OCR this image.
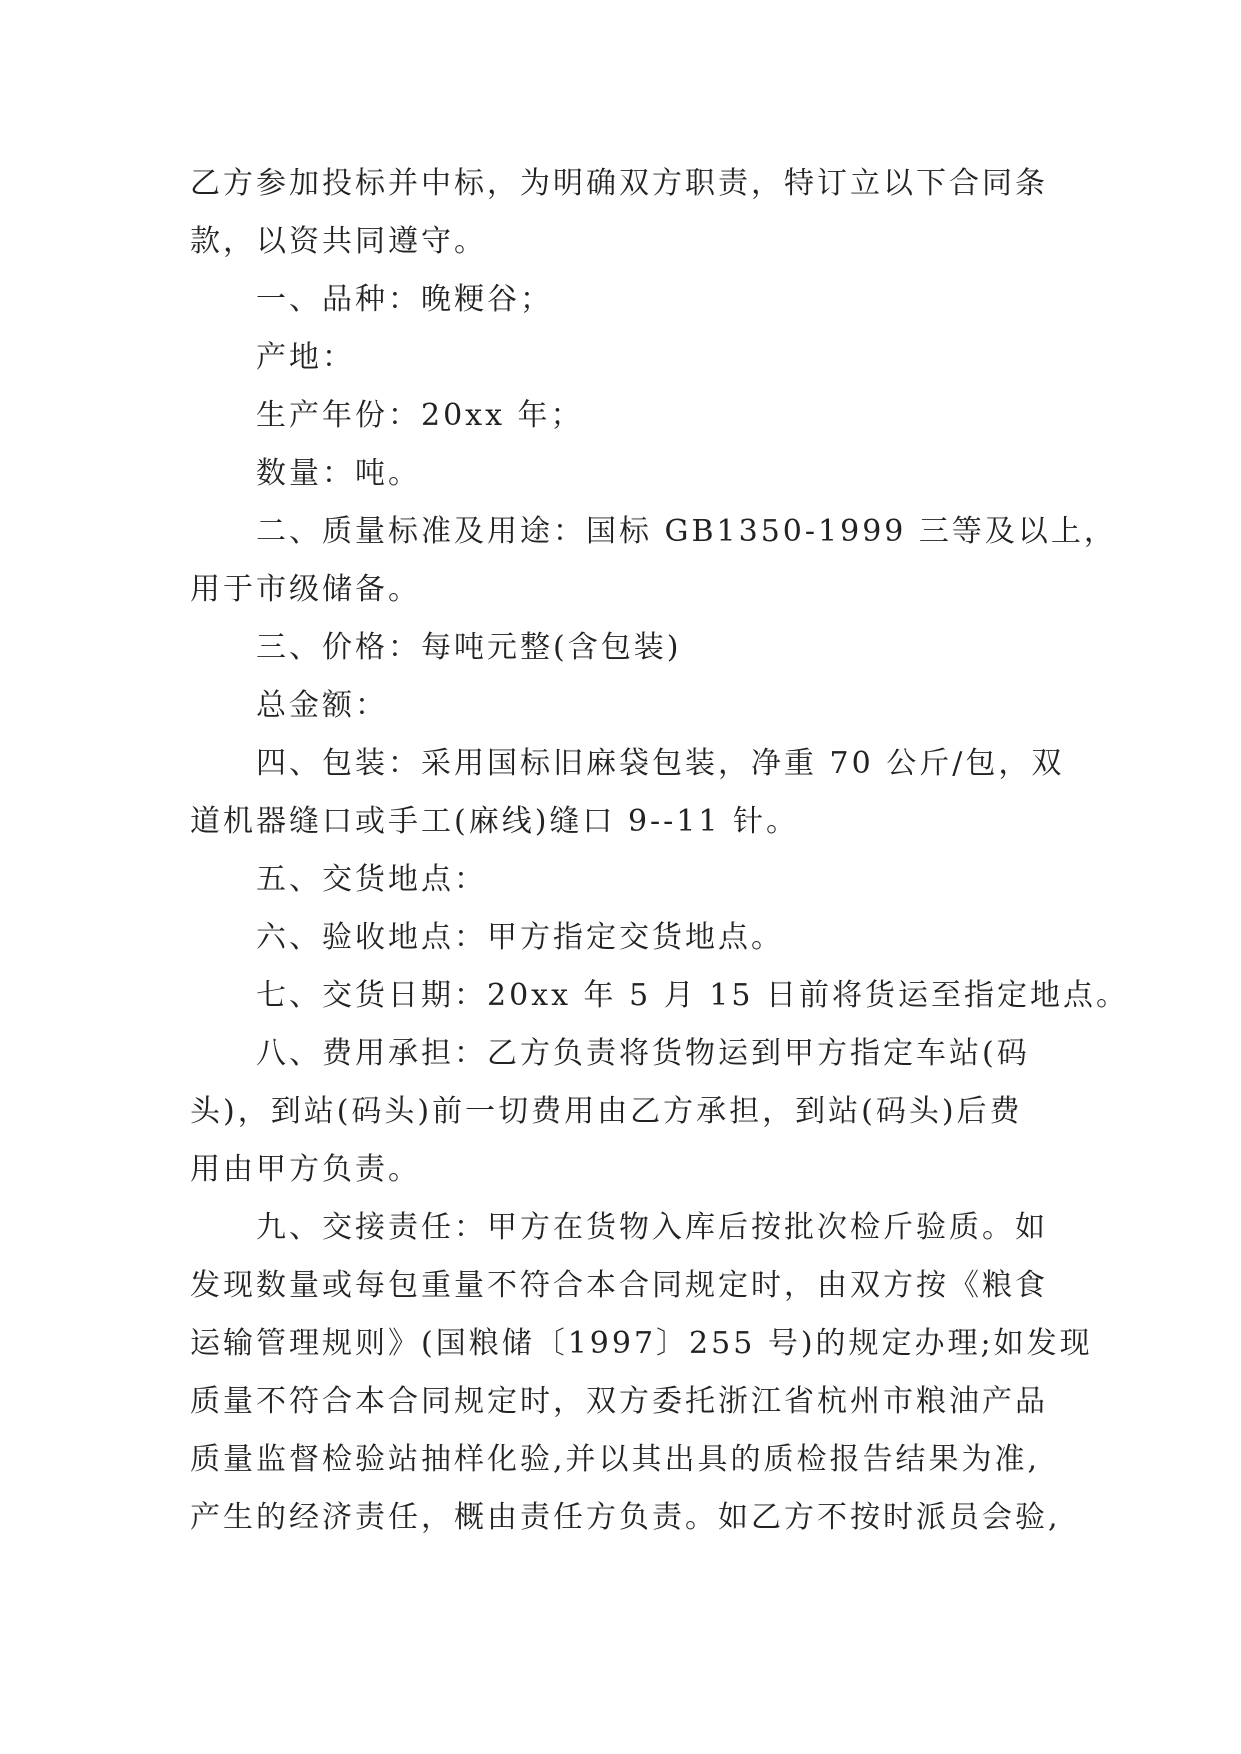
乙方参加投标并中标，为明确双方职责，特订立以下合同条

款，以资共同遵守。

一、品种：晚粳谷；

产地：

生产年份：20xx 年；

数量：吨。

二、质量标准及用途：国标 GB1350-1999 三等及以上，

用于市级储备。

三、价格：每吨元整(含包装)

总金额：

四、包装：采用国标旧麻袋包装，净重 70 公斤/包，双

道机器缝口或手工(麻线)缝口 9--11 针。

五、交货地点：

六、验收地点：甲方指定交货地点。

七、交货日期：20xx 年 5 月 15 日前将货运至指定地点。

八、费用承担：乙方负责将货物运到甲方指定车站(码

头)，到站(码头)前一切费用由乙方承担，到站(码头)后费

用由甲方负责。

九、交接责任：甲方在货物入库后按批次检斤验质。如

发现数量或每包重量不符合本合同规定时，由双方按《粮食

运输管理规则》(国粮储〔1997〕255 号)的规定办理;如发现

质量不符合本合同规定时，双方委托浙江省杭州市粮油产品

质量监督检验站抽样化验,并以其出具的质检报告结果为准,

产生的经济责任，概由责任方负责。如乙方不按时派员会验,
